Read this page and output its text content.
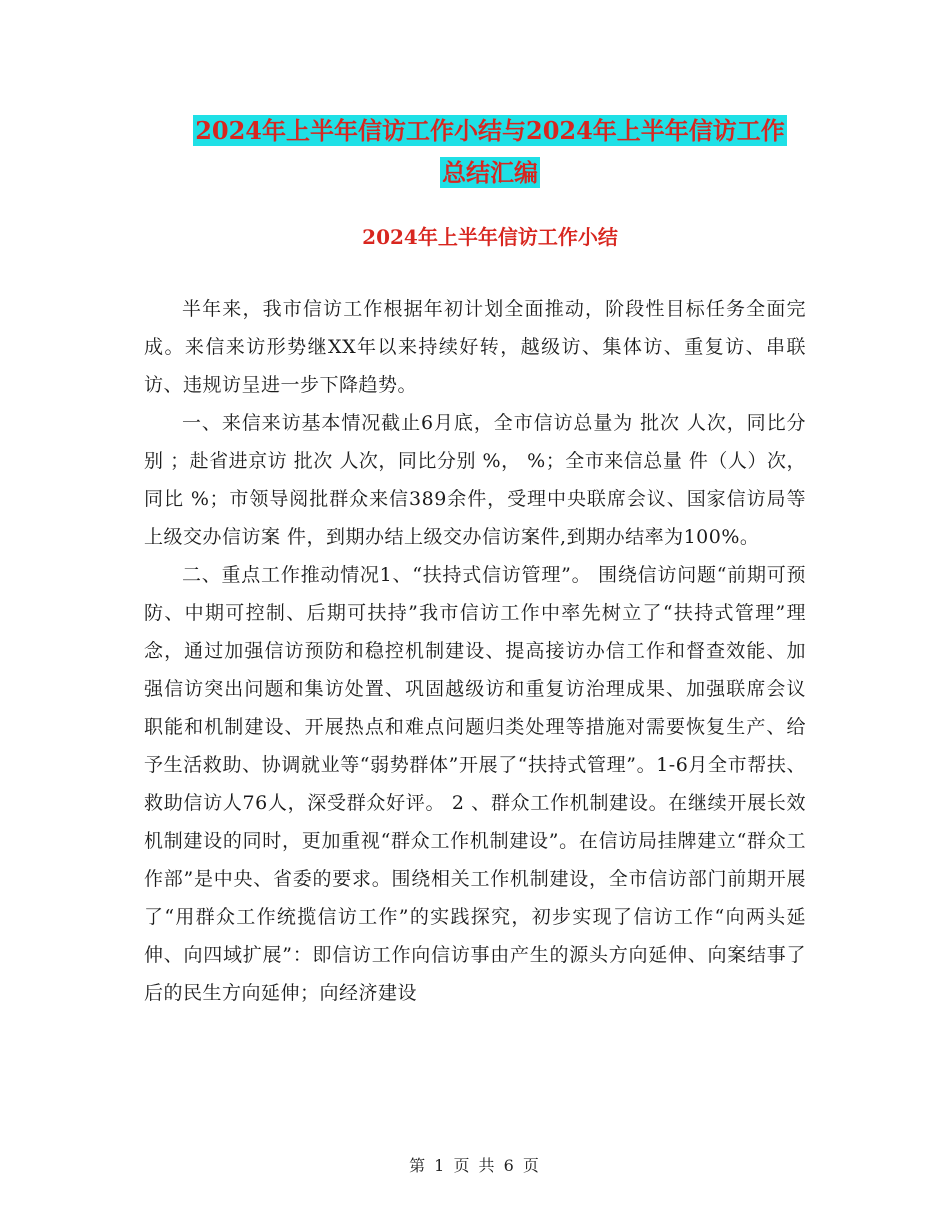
2024年上半年信访工作小结与2024年上半年信访工作
总结汇编
2024年上半年信访工作小结

半年来，我市信访工作根据年初计划全面推动，阶段性目标任务全面完成。来信来访形势继XX年以来持续好转，越级访、集体访、重复访、串联访、违规访呈进一步下降趋势。

一、来信来访基本情况截止6月底，全市信访总量为 批次 人次，同比分别 ；赴省进京访 批次 人次，同比分别 %， %；全市来信总量 件（人）次，同比 %；市领导阅批群众来信389余件，受理中央联席会议、国家信访局等上级交办信访案 件，到期办结上级交办信访案件,到期办结率为100%。

二、重点工作推动情况1、“扶持式信访管理”。 围绕信访问题“前期可预防、中期可控制、后期可扶持”我市信访工作中率先树立了“扶持式管理”理念，通过加强信访预防和稳控机制建设、提高接访办信工作和督查效能、加强信访突出问题和集访处置、巩固越级访和重复访治理成果、加强联席会议职能和机制建设、开展热点和难点问题归类处理等措施对需要恢复生产、给予生活救助、协调就业等“弱势群体”开展了“扶持式管理”。1-6月全市帮扶、救助信访人76人，深受群众好评。 2 、群众工作机制建设。在继续开展长效机制建设的同时，更加重视“群众工作机制建设”。在信访局挂牌建立“群众工作部”是中央、省委的要求。围绕相关工作机制建设，全市信访部门前期开展了“用群众工作统揽信访工作”的实践探究，初步实现了信访工作“向两头延伸、向四域扩展”：即信访工作向信访事由产生的源头方向延伸、向案结事了后的民生方向延伸；向经济建设

第 1 页 共 6 页
